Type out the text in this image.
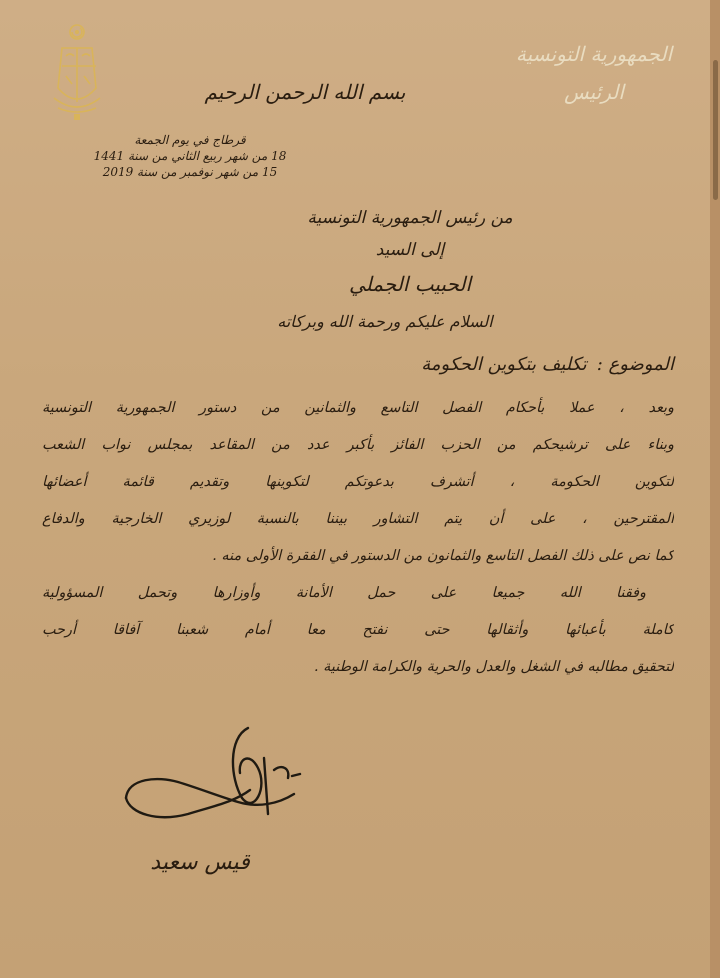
الجمهورية التونسية
الرئيس
بسم الله الرحمن الرحيم
قرطاج في يوم الجمعة
18 من شهر ربيع الثاني من سنة 1441
15 من شهر نوفمبر من سنة 2019
من رئيس الجمهورية التونسية
إلى السيد
الحبيب الجملي
السلام عليكم ورحمة الله وبركاته
الموضوع :تكليف بتكوين الحكومة
وبعد ، عملا بأحكام الفصل التاسع والثمانين من دستور الجمهورية التونسية
وبناء على ترشيحكم من الحزب الفائز بأكبر عدد من المقاعد بمجلس نواب الشعب
لتكوين الحكومة ، أتشرف بدعوتكم لتكوينها وتقديم قائمة أعضائها
المقترحين ، على أن يتم التشاور بيننا بالنسبة لوزيري الخارجية والدفاع
كما نص على ذلك الفصل التاسع والثمانون من الدستور في الفقرة الأولى منه .
وفقنا الله جميعا على حمل الأمانة وأوزارها وتحمل المسؤولية
كاملة بأعبائها وأثقالها حتى نفتح معا أمام شعبنا آفاقا أرحب
لتحقيق مطالبه في الشغل والعدل والحرية والكرامة الوطنية .
قيس سعيد
